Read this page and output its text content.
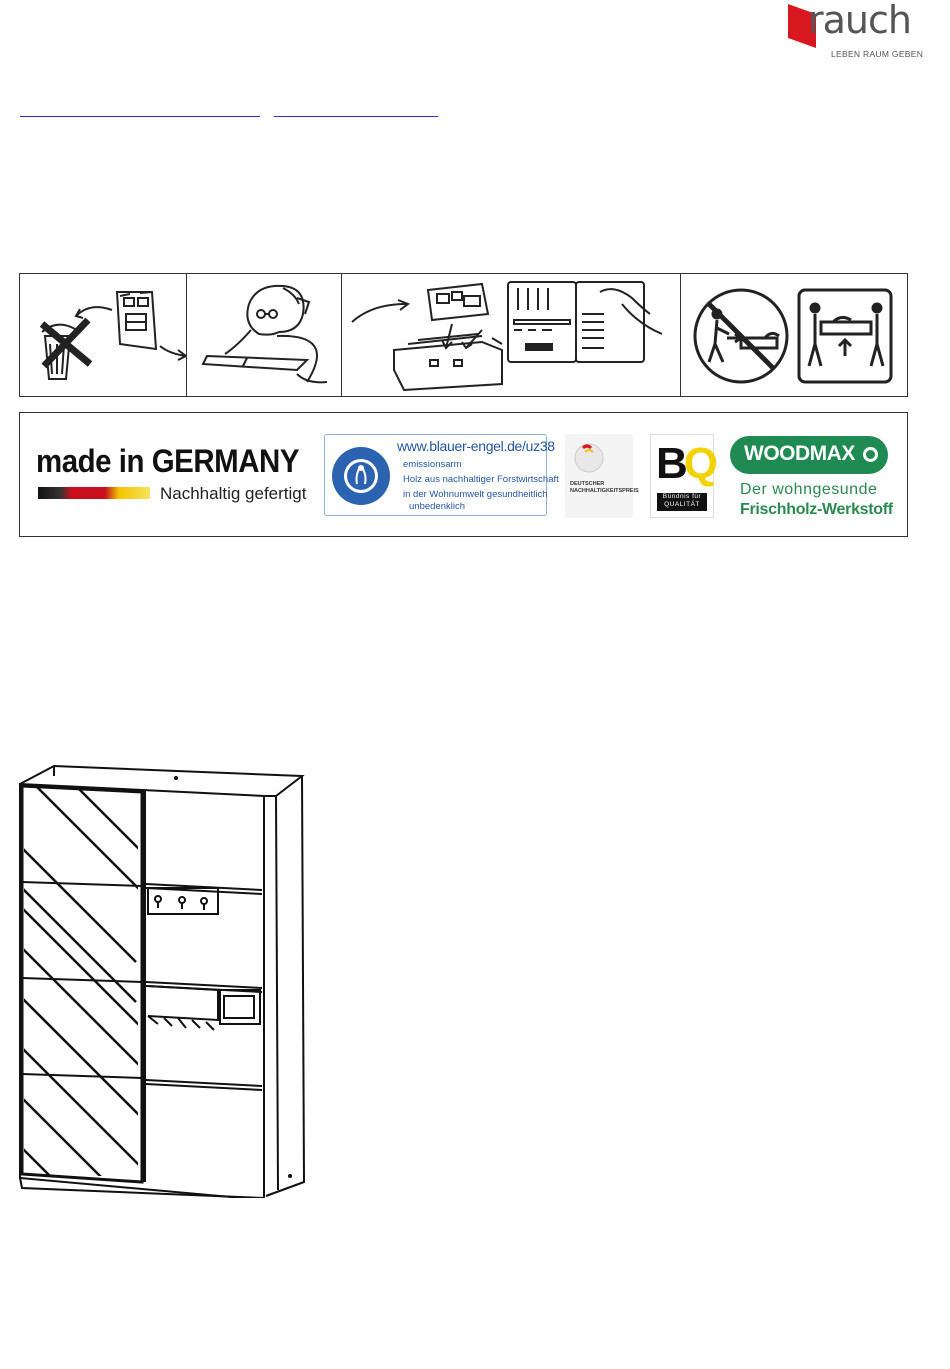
rauch
LEBEN RAUM GEBEN
made in GERMANY
Nachhaltig gefertigt
www.blauer-engel.de/uz38
emissionsarm
Holz aus nachhaltiger Forstwirtschaft
in der Wohnumwelt gesundheitlich
unbedenklich
DEUTSCHER NACHHALTIGKEITSPREIS
BQ
Bündnis für QUALITÄT
WOODMAX
Der wohngesunde
Frischholz-Werkstoff
